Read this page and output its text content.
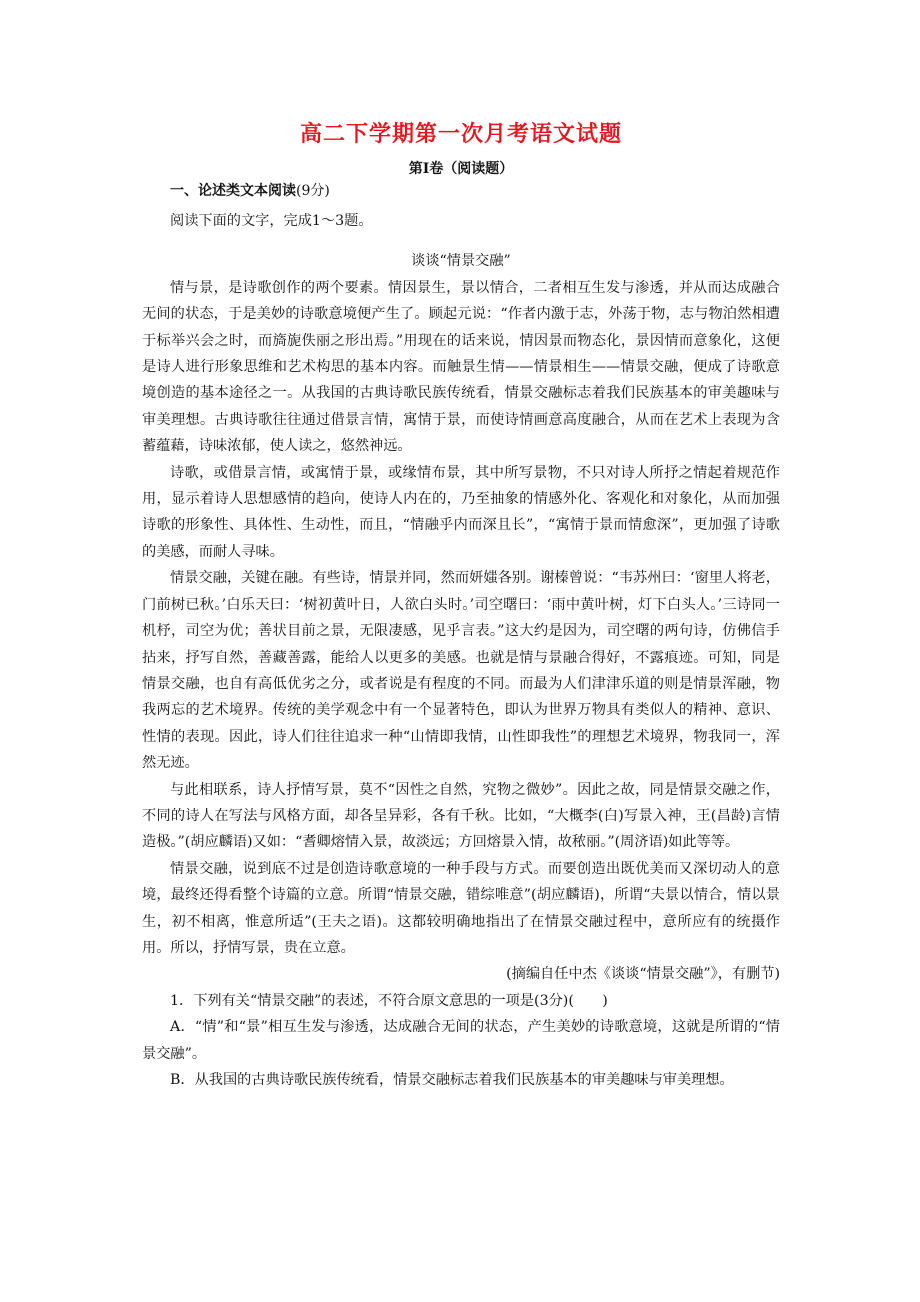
高二下学期第一次月考语文试题
第Ⅰ卷（阅读题）
一、论述类文本阅读(9分)

阅读下面的文字，完成1～3题。

谈谈“情景交融”

情与景，是诗歌创作的两个要素。情因景生，景以情合，二者相互生发与渗透，并从而达成融合无间的状态，于是美妙的诗歌意境便产生了。顾起元说：“作者内激于志，外荡于物，志与物泊然相遭于标举兴会之时，而旖旎佚丽之形出焉。”用现在的话来说，情因景而物态化，景因情而意象化，这便是诗人进行形象思维和艺术构思的基本内容。而触景生情——情景相生——情景交融，便成了诗歌意境创造的基本途径之一。从我国的古典诗歌民族传统看，情景交融标志着我们民族基本的审美趣味与审美理想。古典诗歌往往通过借景言情，寓情于景，而使诗情画意高度融合，从而在艺术上表现为含蓄蕴藉，诗味浓郁，使人读之，悠然神远。

诗歌，或借景言情，或寓情于景，或缘情布景，其中所写景物，不只对诗人所抒之情起着规范作用，显示着诗人思想感情的趋向，使诗人内在的，乃至抽象的情感外化、客观化和对象化，从而加强诗歌的形象性、具体性、生动性，而且，“情融乎内而深且长”，“寓情于景而情愈深”，更加强了诗歌的美感，而耐人寻味。

情景交融，关键在融。有些诗，情景并同，然而妍媸各别。谢榛曾说：“韦苏州曰：‘窗里人将老，门前树已秋。’白乐天曰：‘树初黄叶日，人欲白头时。’司空曙曰：‘雨中黄叶树，灯下白头人。’三诗同一机杼，司空为优；善状目前之景，无限凄感，见乎言表。”这大约是因为，司空曙的两句诗，仿佛信手拈来，抒写自然，善藏善露，能给人以更多的美感。也就是情与景融合得好，不露痕迹。可知，同是情景交融，也自有高低优劣之分，或者说是有程度的不同。而最为人们津津乐道的则是情景浑融，物我两忘的艺术境界。传统的美学观念中有一个显著特色，即认为世界万物具有类似人的精神、意识、性情的表现。因此，诗人们往往追求一种“山情即我情，山性即我性”的理想艺术境界，物我同一，浑然无迹。

与此相联系，诗人抒情写景，莫不“因性之自然，究物之微妙”。因此之故，同是情景交融之作，不同的诗人在写法与风格方面，却各呈异彩，各有千秋。比如，“大概李(白)写景入神，王(昌龄)言情造极。”(胡应麟语)又如：“耆卿熔情入景，故淡远；方回熔景入情，故秾丽。”(周济语)如此等等。

情景交融，说到底不过是创造诗歌意境的一种手段与方式。而要创造出既优美而又深切动人的意境，最终还得看整个诗篇的立意。所谓“情景交融，错综唯意”(胡应麟语)，所谓“夫景以情合，情以景生，初不相离，惟意所适”(王夫之语)。这都较明确地指出了在情景交融过程中，意所应有的统摄作用。所以，抒情写景，贵在立意。

(摘编自任中杰《谈谈“情景交融”》，有删节)

1．下列有关“情景交融”的表述，不符合原文意思的一项是(3分)(　　)

A．“情”和“景”相互生发与渗透，达成融合无间的状态，产生美妙的诗歌意境，这就是所谓的“情景交融”。

B．从我国的古典诗歌民族传统看，情景交融标志着我们民族基本的审美趣味与审美理想。
